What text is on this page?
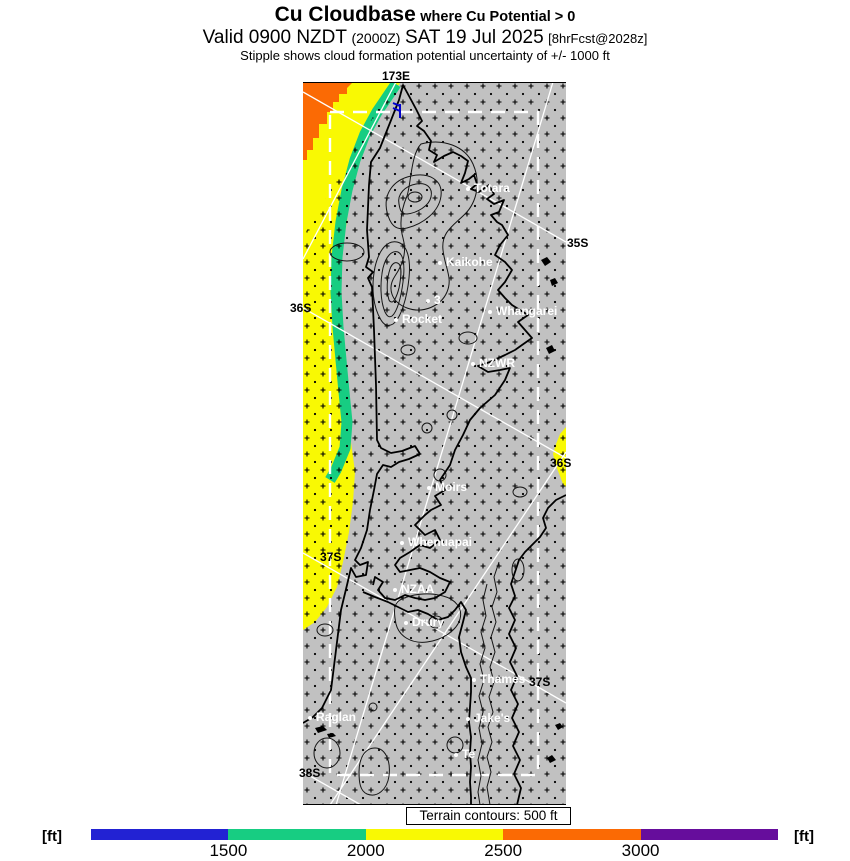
Cu Cloudbase where Cu Potential > 0
Valid 0900 NZDT (2000Z) SAT 19 Jul 2025 [8hrFcst@2028z]
Stipple shows cloud formation potential uncertainty of +/- 1000 ft
Totara
Kaikohe
3
Rocket
Whangarei
NZWR
Moirs
Whenuapai
NZAA
Drury
Thames
Raglan	Jake's
Te
173E
35S
36S
36S
37S
37S
38S
Terrain contours: 500 ft
[ft]
1500	2000	2500	3000
[ft]
